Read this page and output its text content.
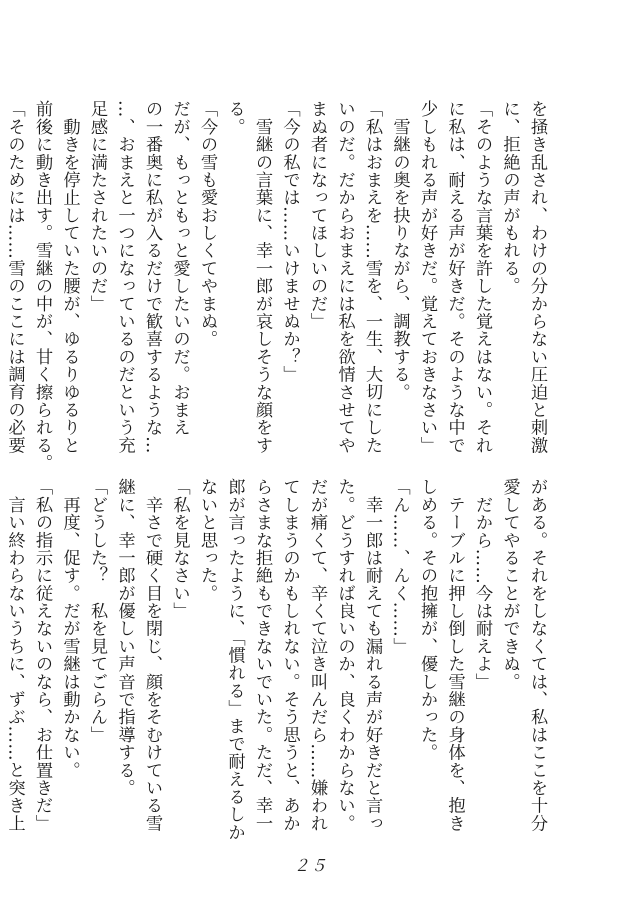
を掻き乱され、わけの分からない圧迫と刺激
に、拒絶の声がもれる。
「そのような言葉を許した覚えはない。それ
に私は、耐える声が好きだ。そのような中で
少しもれる声が好きだ。覚えておきなさい」
　雪継の奥を抉りながら、調教する。
「私はおまえを……雪を、一生、大切にした
いのだ。だからおまえには私を欲情させてや
まぬ者になってほしいのだ」
「今の私では……いけませぬか？」
　雪継の言葉に、幸一郎が哀しそうな顔をす
る。
「今の雪も愛おしくてやまぬ。
だが、もっともっと愛したいのだ。おまえ
の一番奥に私が入るだけで歓喜するような…
…、おまえと一つになっているのだという充
足感に満たされたいのだ」
　動きを停止していた腰が、ゆるりゆるりと
前後に動き出す。雪継の中が、甘く擦られる。
「そのためには……雪のここには調育の必要
がある。それをしなくては、私はここを十分
愛してやることができぬ。
　だから……今は耐えよ」
　テーブルに押し倒した雪継の身体を、抱き
しめる。その抱擁が、優しかった。
「ん……、んく……」
　幸一郎は耐えても漏れる声が好きだと言っ
た。どうすれば良いのか、良くわからない。
だが痛くて、辛くて泣き叫んだら……嫌われ
てしまうのかもしれない。そう思うと、あか
らさまな拒絶もできないでいた。ただ、幸一
郎が言ったように、「慣れる」まで耐えるしか
ないと思った。
「私を見なさい」
　辛さで硬く目を閉じ、顔をそむけている雪
継に、幸一郎が優しい声音で指導する。
「どうした？　私を見てごらん」
　再度、促す。だが雪継は動かない。
「私の指示に従えないのなら、お仕置きだ」
　言い終わらないうちに、ずぶ……と突き上
２５
